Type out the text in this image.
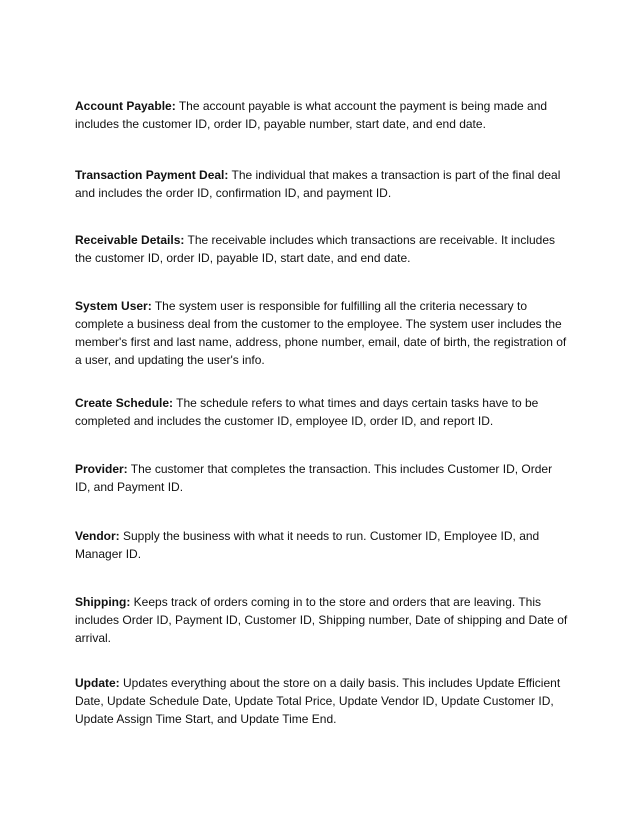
Account Payable: The account payable is what account the payment is being made and includes the customer ID, order ID, payable number, start date, and end date.

Transaction Payment Deal: The individual that makes a transaction is part of the final deal and includes the order ID, confirmation ID, and payment ID.

Receivable Details: The receivable includes which transactions are receivable. It includes the customer ID, order ID, payable ID, start date, and end date.

System User: The system user is responsible for fulfilling all the criteria necessary to complete a business deal from the customer to the employee. The system user includes the member's first and last name, address, phone number, email, date of birth, the registration of a user, and updating the user's info.

Create Schedule: The schedule refers to what times and days certain tasks have to be completed and includes the customer ID, employee ID, order ID, and report ID.

Provider: The customer that completes the transaction. This includes Customer ID, Order ID, and Payment ID.

Vendor: Supply the business with what it needs to run. Customer ID, Employee ID, and Manager ID.

Shipping: Keeps track of orders coming in to the store and orders that are leaving. This includes Order ID, Payment ID, Customer ID, Shipping number, Date of shipping and Date of arrival.

Update: Updates everything about the store on a daily basis. This includes Update Efficient Date, Update Schedule Date, Update Total Price, Update Vendor ID, Update Customer ID, Update Assign Time Start, and Update Time End.
